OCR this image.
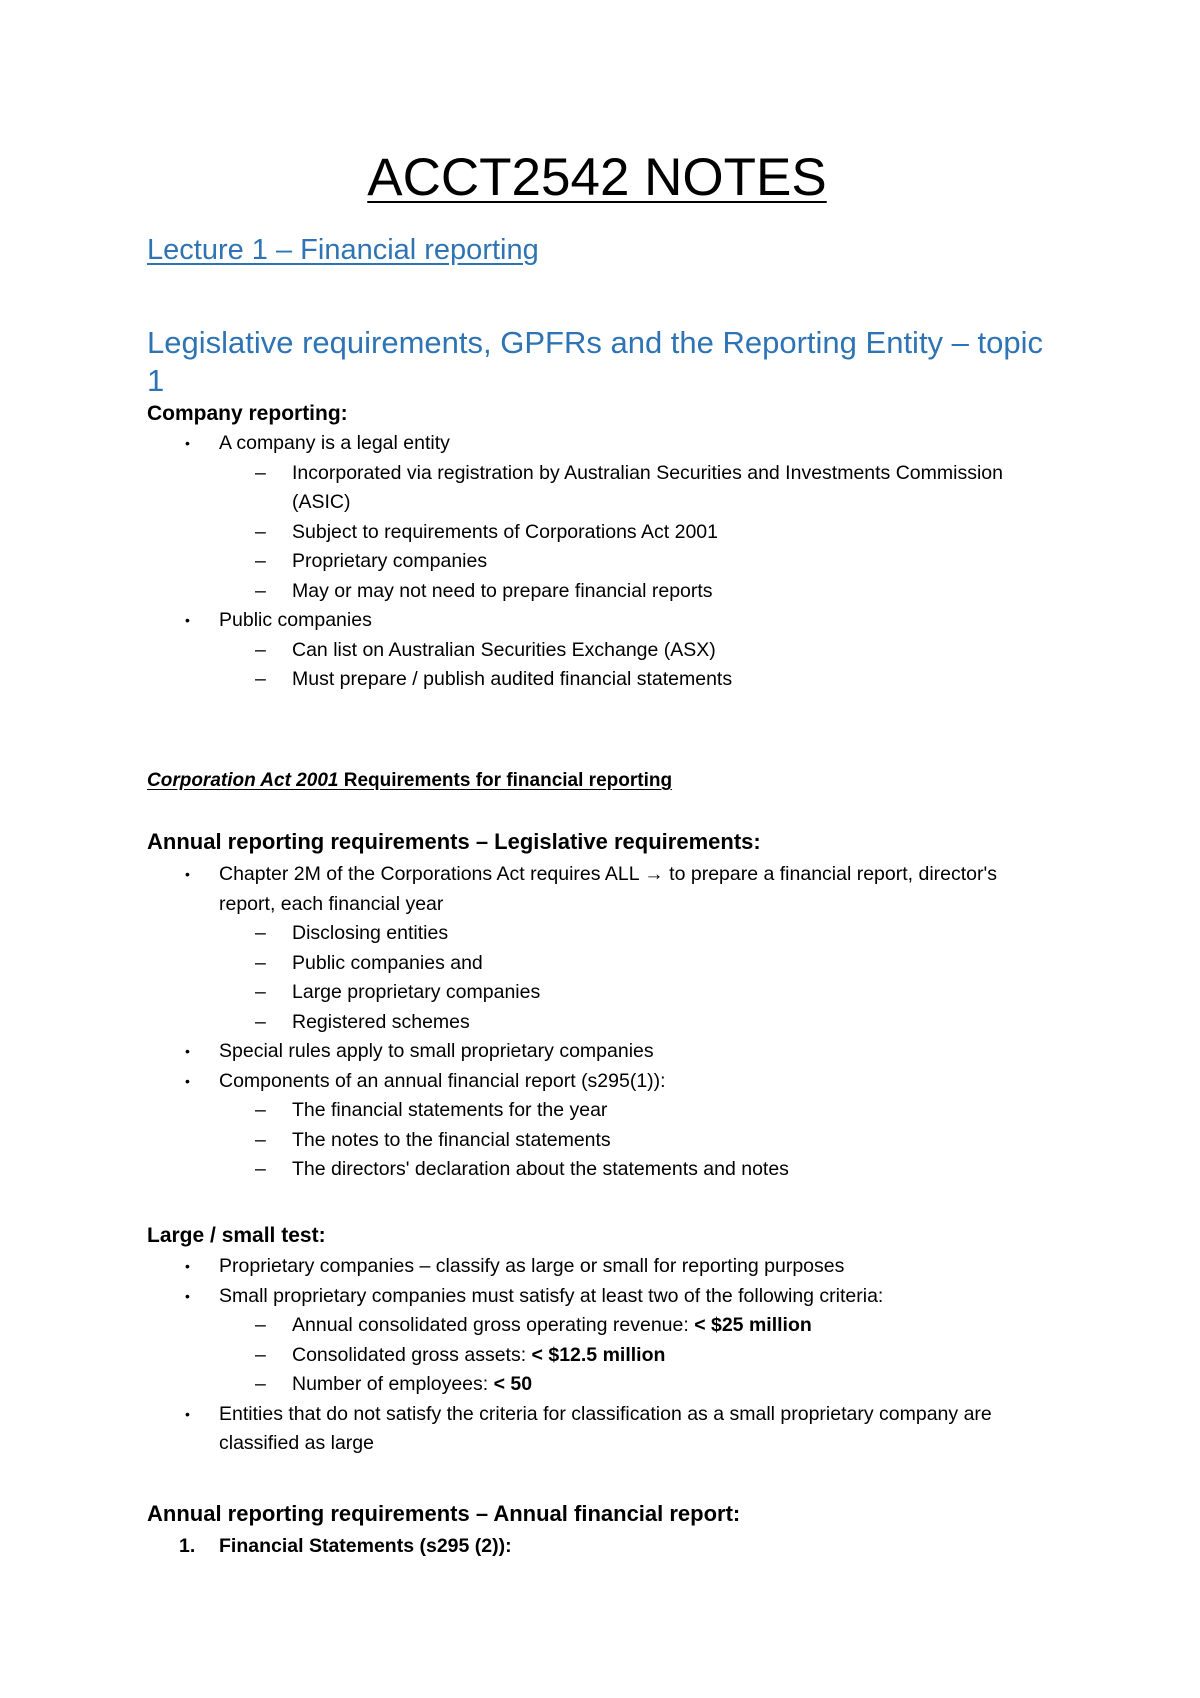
ACCT2542 NOTES
Lecture 1 – Financial reporting
Legislative requirements, GPFRs and the Reporting Entity – topic 1
Company reporting:
• A company is a legal entity
– Incorporated via registration by Australian Securities and Investments Commission (ASIC)
– Subject to requirements of Corporations Act 2001
– Proprietary companies
– May or may not need to prepare financial reports
• Public companies
– Can list on Australian Securities Exchange (ASX)
– Must prepare / publish audited financial statements

Corporation Act 2001 Requirements for financial reporting

Annual reporting requirements – Legislative requirements:
• Chapter 2M of the Corporations Act requires ALL → to prepare a financial report, director's report, each financial year
– Disclosing entities
– Public companies and
– Large proprietary companies
– Registered schemes
• Special rules apply to small proprietary companies
• Components of an annual financial report (s295(1)):
– The financial statements for the year
– The notes to the financial statements
– The directors' declaration about the statements and notes
Large / small test:
• Proprietary companies – classify as large or small for reporting purposes
• Small proprietary companies must satisfy at least two of the following criteria:
– Annual consolidated gross operating revenue: < $25 million
– Consolidated gross assets: < $12.5 million
– Number of employees: < 50
• Entities that do not satisfy the criteria for classification as a small proprietary company are classified as large
Annual reporting requirements – Annual financial report:
1. Financial Statements (s295 (2)):
